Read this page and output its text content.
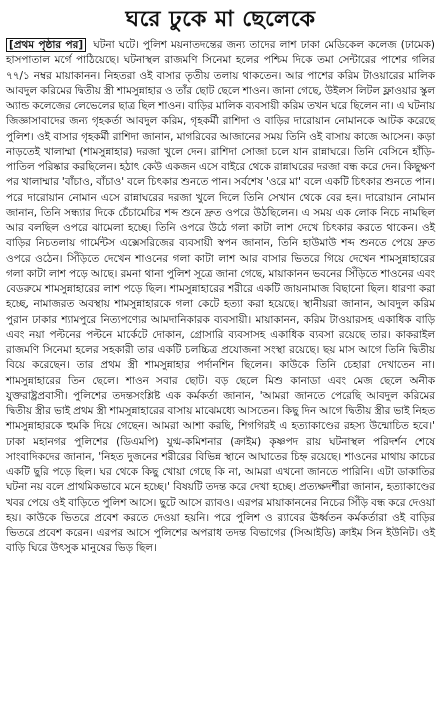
ঘরে ঢুকে মা ছেলেকে
[প্রথম পৃষ্ঠার পর] ঘটনা ঘটে। পুলিশ ময়নাতদন্তের জন্য তাদের লাশ ঢাকা মেডিকেল কলেজ (ঢামেক) হাসপাতাল মর্গে পাঠিয়েছে। ঘটনাস্থল রাজমণি সিনেমা হলের পশ্চিম দিকে তমা সেন্টারের পাশের গলির ৭৭/১ নম্বর মায়াকানন। নিহতরা ওই বাসার তৃতীয় তলায় থাকতেন। আর পাশের করিম টাওয়ারের মালিক আবদুল করিমের দ্বিতীয় স্ত্রী শামসুন্নাহার ও তাঁর ছোট ছেলে শাওন। জানা গেছে, উইলস লিটল ফ্লাওয়ার স্কুল অ্যান্ড কলেজের লেভেলের ছাত্র ছিল শাওন। বাড়ির মালিক ব্যবসায়ী করিম তখন ঘরে ছিলেন না। এ ঘটনায় জিজ্ঞাসাবাদের জন্য গৃহকর্তা আবদুল করিম, গৃহকর্মী রাশিদা ও বাড়ির দারোয়ান নোমানকে আটক করেছে পুলিশ। ওই বাসার গৃহকর্মী রাশিদা জানান, মাগরিবের আজানের সময় তিনি ওই বাসায় কাজে আসেন। কড়া নাড়তেই খালাম্মা (শামসুন্নাহার) দরজা খুলে দেন। রাশিদা সোজা চলে যান রান্নাঘরে। তিনি বেসিনে হাঁড়ি-পাতিল পরিষ্কার করছিলেন। হঠাৎ কেউ একজন এসে বাইরে থেকে রান্নাঘরের দরজা বন্ধ করে দেন। কিছুক্ষণ পর খালাম্মার 'বাঁচাও, বাঁচাও' বলে চিৎকার শুনতে পান। সর্বশেষ 'ওরে মা' বলে একটি চিৎকার শুনতে পান। পরে দারোয়ান নোমান এসে রান্নাঘরের দরজা খুলে দিলে তিনি সেখান থেকে বের হন। দারোয়ান নোমান জানান, তিনি সন্ধ্যার দিকে চেঁচামেচির শব্দ শুনে দ্রুত ওপরে উঠছিলেন। এ সময় এক লোক নিচে নামছিল আর বলছিল ওপরে ঝামেলা হচ্ছে। তিনি ওপরে উঠে গলা কাটা লাশ দেখে চিৎকার করতে থাকেন। ওই বাড়ির নিচতলায় গার্মেন্টস এক্সেসরিজের ব্যবসায়ী স্বপন জানান, তিনি হাউমাউ শব্দ শুনতে পেয়ে দ্রুত ওপরে ওঠেন। সিঁড়িতে দেখেন শাওনের গলা কাটা লাশ আর বাসার ভিতরে গিয়ে দেখেন শামসুন্নাহারের গলা কাটা লাশ পড়ে আছে। রমনা থানা পুলিশ সূত্রে জানা গেছে, মায়াকানন ভবনের সিঁড়িতে শাওনের এবং বেডরুমে শামসুন্নাহারের লাশ পড়ে ছিল। শামসুন্নাহারের শরীরে একটি জায়নামাজ বিছানো ছিল। ধারণা করা হচ্ছে, নামাজরত অবস্থায় শামসুন্নাহারকে গলা কেটে হত্যা করা হয়েছে। স্থানীয়রা জানান, আবদুল করিম পুরান ঢাকার শ্যামপুরে নিত্যপণ্যের আমদানিকারক ব্যবসায়ী। মায়াকানন, করিম টাওয়ারসহ একাধিক বাড়ি এবং নয়া পল্টনের পল্টনে মার্কেটে দোকান, গ্রোসারি ব্যবসাসহ একাধিক ব্যবসা রয়েছে তার। কাকরাইল রাজমণি সিনেমা হলের সহকারী তার একটি চলচ্চিত্র প্রযোজনা সংস্থা রয়েছে। ছয় মাস আগে তিনি দ্বিতীয় বিয়ে করেছেন। তার প্রথম স্ত্রী শামসুন্নাহার পর্দানশিন ছিলেন। কাউকে তিনি চেহারা দেখাতেন না। শামসুন্নাহারের তিন ছেলে। শাওন সবার ছোট। বড় ছেলে মিশু কানাডা এবং মেজ ছেলে অনীক যুক্তরাষ্ট্রপ্রবাসী। পুলিশের তদন্তসংশ্লিষ্ট এক কর্মকর্তা জানান, 'আমরা জানতে পেরেছি আবদুল করিমের দ্বিতীয় স্ত্রীর ভাই প্রথম স্ত্রী শামসুন্নাহারের বাসায় মাঝেমধ্যে আসতেন। কিছু দিন আগে দ্বিতীয় স্ত্রীর ভাই নিহত শামসুন্নাহারকে হুমকি দিয়ে গেছেন। আমরা আশা করছি, শিগগিরই এ হত্যাকাণ্ডের রহস্য উন্মোচিত হবে।' ঢাকা মহানগর পুলিশের (ডিএমপি) যুগ্ম-কমিশনার (ক্রাইম) কৃষ্ণপদ রায় ঘটনাস্থল পরিদর্শন শেষে সাংবাদিকদের জানান, 'নিহত দুজনের শরীরের বিভিন্ন স্থানে আঘাতের চিহ্ন রয়েছে। শাওনের মাথায় কাচের একটি ছুরি পড়ে ছিল। ঘর থেকে কিছু খোয়া গেছে কি না, আমরা এখনো জানতে পারিনি। এটা ডাকাতির ঘটনা নয় বলে প্রাথমিকভাবে মনে হচ্ছে।' বিষয়টি তদন্ত করে দেখা হচ্ছে। প্রত্যক্ষদর্শীরা জানান, হত্যাকাণ্ডের খবর পেয়ে ওই বাড়িতে পুলিশ আসে। ছুটে আসে র‌্যাবও। এরপর মায়াকাননের নিচের সিঁড়ি বন্ধ করে দেওয়া হয়। কাউকে ভিতরে প্রবেশ করতে দেওয়া হয়নি। পরে পুলিশ ও র‌্যাবের ঊর্ধ্বতন কর্মকর্তারা ওই বাড়ির ভিতরে প্রবেশ করেন। এরপর আসে পুলিশের অপরাধ তদন্ত বিভাগের (সিআইডি) ক্রাইম সিন ইউনিট। ওই বাড়ি ঘিরে উৎসুক মানুষের ভিড় ছিল।
